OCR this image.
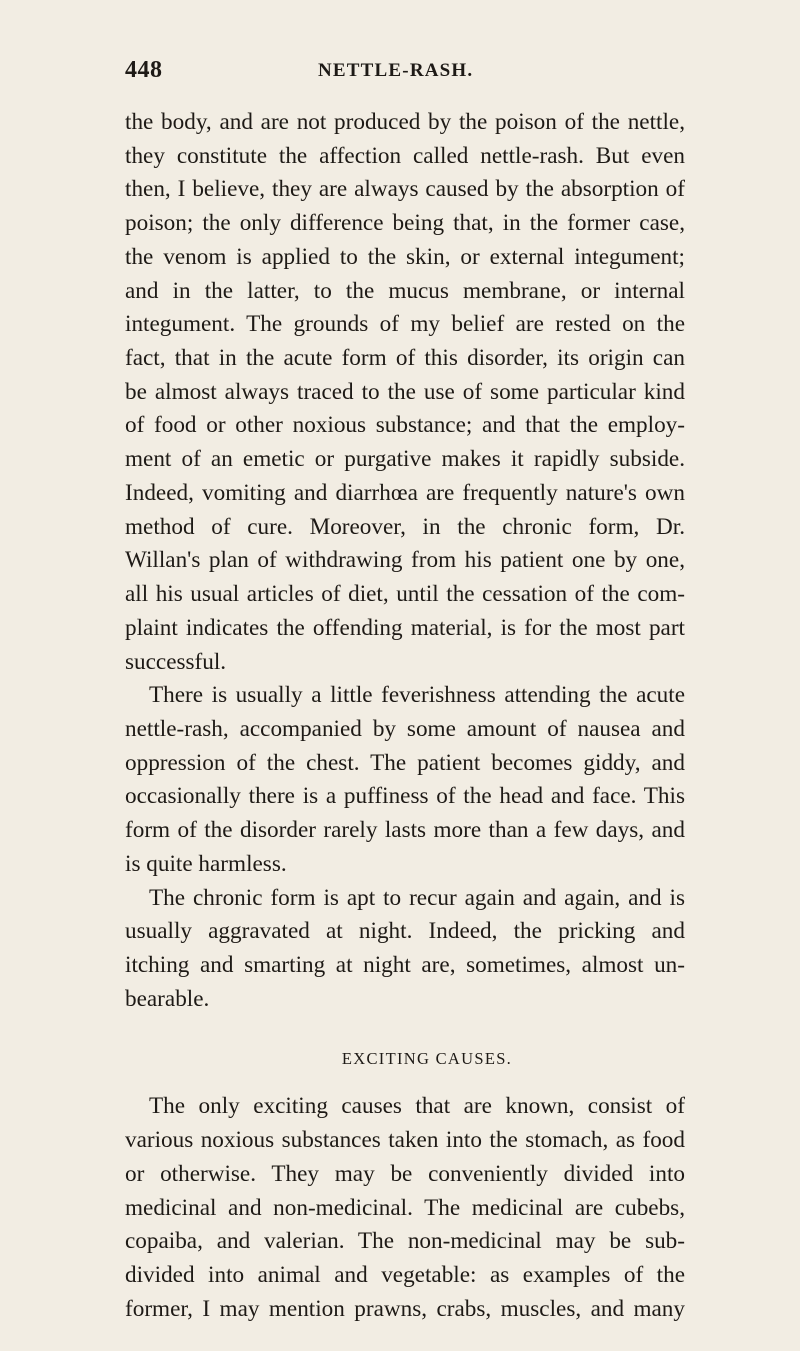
448	NETTLE-RASH.
the body, and are not produced by the poison of the nettle,
they constitute the affection called nettle-rash. But even
then, I believe, they are always caused by the absorption of
poison; the only difference being that, in the former case,
the venom is applied to the skin, or external integument;
and in the latter, to the mucus membrane, or internal
integument. The grounds of my belief are rested on the
fact, that in the acute form of this disorder, its origin can
be almost always traced to the use of some particular kind
of food or other noxious substance; and that the employ-
ment of an emetic or purgative makes it rapidly subside.
Indeed, vomiting and diarrhœa are frequently nature's own
method of cure. Moreover, in the chronic form, Dr.
Willan's plan of withdrawing from his patient one by one,
all his usual articles of diet, until the cessation of the com-
plaint indicates the offending material, is for the most part
successful.
There is usually a little feverishness attending the acute
nettle-rash, accompanied by some amount of nausea and
oppression of the chest. The patient becomes giddy, and
occasionally there is a puffiness of the head and face. This
form of the disorder rarely lasts more than a few days, and
is quite harmless.
The chronic form is apt to recur again and again, and is
usually aggravated at night. Indeed, the pricking and
itching and smarting at night are, sometimes, almost un-
bearable.
EXCITING CAUSES.
The only exciting causes that are known, consist of
various noxious substances taken into the stomach, as food
or otherwise. They may be conveniently divided into
medicinal and non-medicinal. The medicinal are cubebs,
copaiba, and valerian. The non-medicinal may be sub-
divided into animal and vegetable: as examples of the
former, I may mention prawns, crabs, muscles, and many
